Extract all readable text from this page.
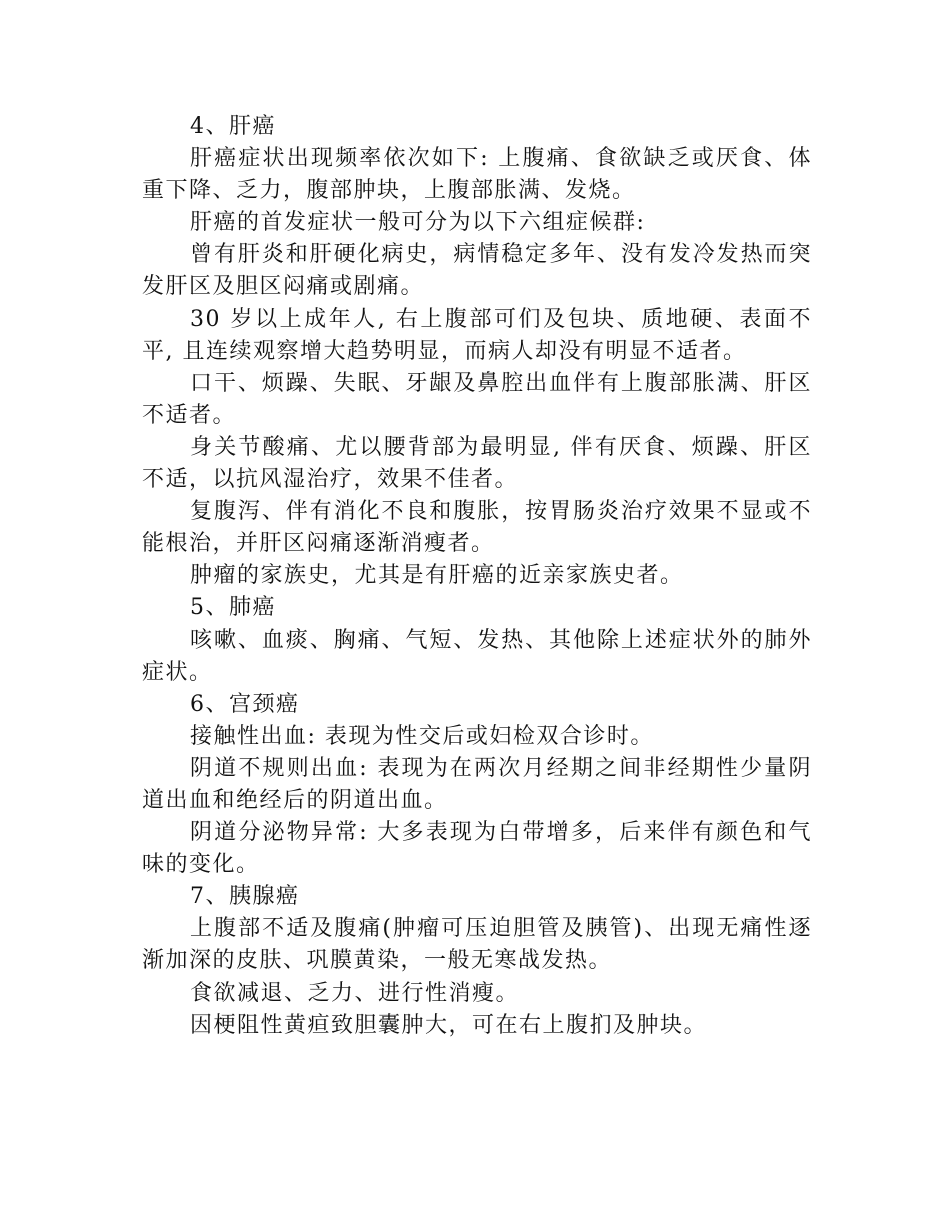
4、肝癌

肝癌症状出现频率依次如下: 上腹痛、食欲缺乏或厌食、体重下降、乏力，腹部肿块，上腹部胀满、发烧。

肝癌的首发症状一般可分为以下六组症候群:

曾有肝炎和肝硬化病史，病情稳定多年、没有发冷发热而突发肝区及胆区闷痛或剧痛。

30 岁以上成年人, 右上腹部可们及包块、质地硬、表面不平, 且连续观察增大趋势明显，而病人却没有明显不适者。

口干、烦躁、失眠、牙龈及鼻腔出血伴有上腹部胀满、肝区不适者。

身关节酸痛、尤以腰背部为最明显, 伴有厌食、烦躁、肝区不适，以抗风湿治疗，效果不佳者。

复腹泻、伴有消化不良和腹胀，按胃肠炎治疗效果不显或不能根治，并肝区闷痛逐渐消瘦者。

肿瘤的家族史，尤其是有肝癌的近亲家族史者。

5、肺癌

咳嗽、血痰、胸痛、气短、发热、其他除上述症状外的肺外症状。

6、宫颈癌

接触性出血: 表现为性交后或妇检双合诊时。

阴道不规则出血: 表现为在两次月经期之间非经期性少量阴道出血和绝经后的阴道出血。

阴道分泌物异常: 大多表现为白带增多，后来伴有颜色和气味的变化。

7、胰腺癌

上腹部不适及腹痛(肿瘤可压迫胆管及胰管)、出现无痛性逐渐加深的皮肤、巩膜黄染，一般无寒战发热。

食欲减退、乏力、进行性消瘦。

因梗阻性黄疸致胆囊肿大，可在右上腹扪及肿块。
